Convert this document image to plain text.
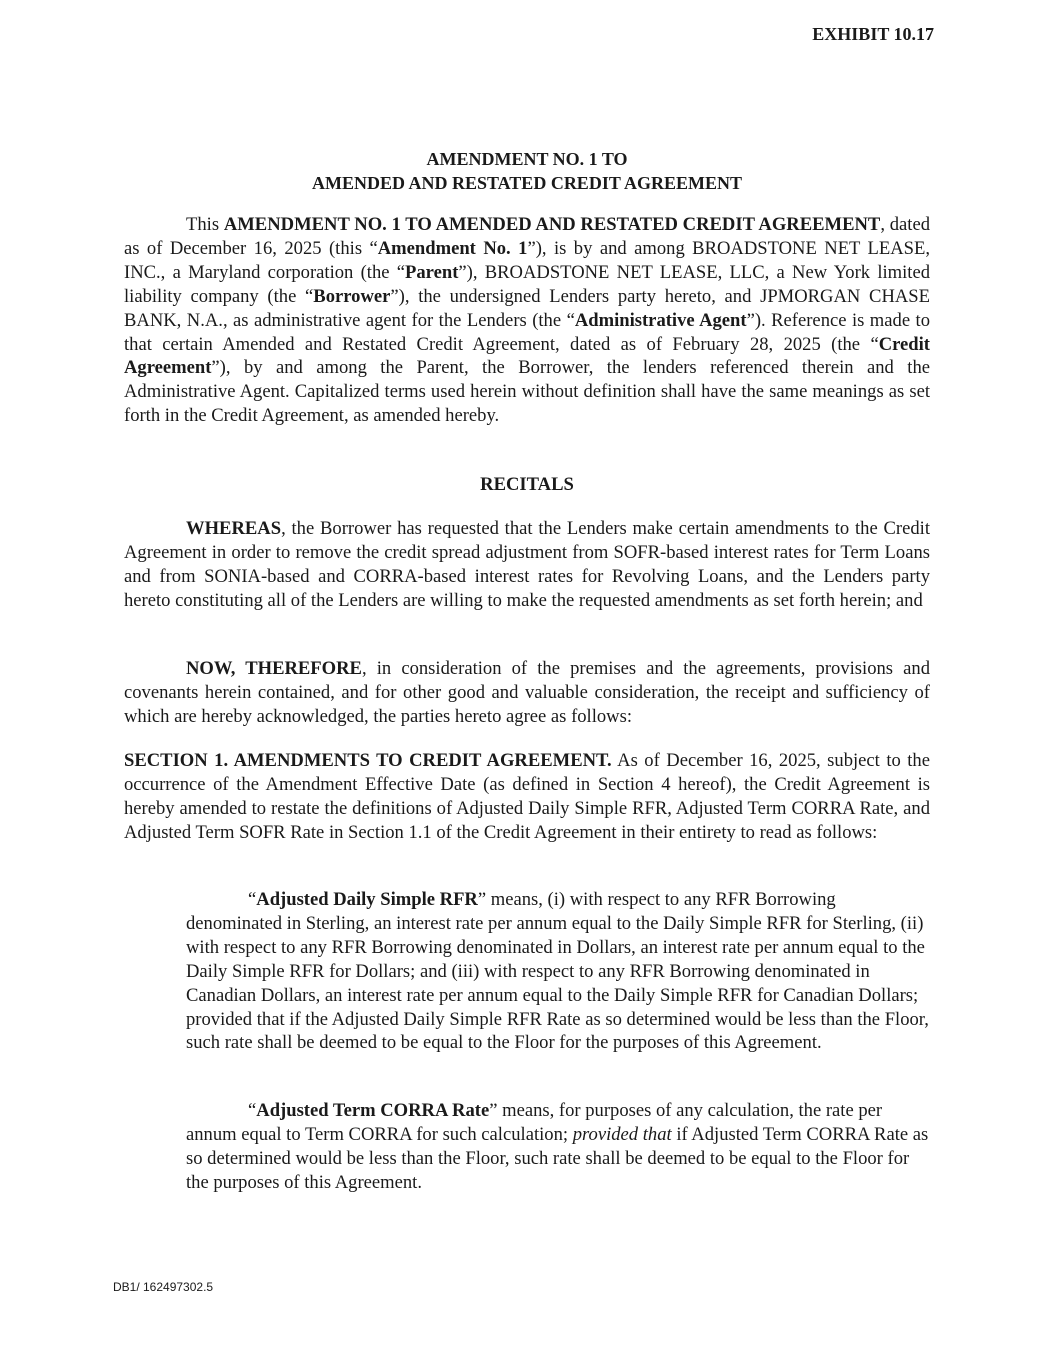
EXHIBIT 10.17
AMENDMENT NO. 1 TO
AMENDED AND RESTATED CREDIT AGREEMENT

This AMENDMENT NO. 1 TO AMENDED AND RESTATED CREDIT AGREEMENT, dated as of December 16, 2025 (this “Amendment No. 1”), is by and among BROADSTONE NET LEASE, INC., a Maryland corporation (the “Parent”), BROADSTONE NET LEASE, LLC, a New York limited liability company (the “Borrower”), the undersigned Lenders party hereto, and JPMORGAN CHASE BANK, N.A., as administrative agent for the Lenders (the “Administrative Agent”). Reference is made to that certain Amended and Restated Credit Agreement, dated as of February 28, 2025 (the “Credit Agreement”), by and among the Parent, the Borrower, the lenders referenced therein and the Administrative Agent. Capitalized terms used herein without definition shall have the same meanings as set forth in the Credit Agreement, as amended hereby.

RECITALS

WHEREAS, the Borrower has requested that the Lenders make certain amendments to the Credit Agreement in order to remove the credit spread adjustment from SOFR-based interest rates for Term Loans and from SONIA-based and CORRA-based interest rates for Revolving Loans, and the Lenders party hereto constituting all of the Lenders are willing to make the requested amendments as set forth herein; and

NOW, THEREFORE, in consideration of the premises and the agreements, provisions and covenants herein contained, and for other good and valuable consideration, the receipt and sufficiency of which are hereby acknowledged, the parties hereto agree as follows:

SECTION 1. AMENDMENTS TO CREDIT AGREEMENT. As of December 16, 2025, subject to the occurrence of the Amendment Effective Date (as defined in Section 4 hereof), the Credit Agreement is hereby amended to restate the definitions of Adjusted Daily Simple RFR, Adjusted Term CORRA Rate, and Adjusted Term SOFR Rate in Section 1.1 of the Credit Agreement in their entirety to read as follows:

“Adjusted Daily Simple RFR” means, (i) with respect to any RFR Borrowing denominated in Sterling, an interest rate per annum equal to the Daily Simple RFR for Sterling, (ii) with respect to any RFR Borrowing denominated in Dollars, an interest rate per annum equal to the Daily Simple RFR for Dollars; and (iii) with respect to any RFR Borrowing denominated in Canadian Dollars, an interest rate per annum equal to the Daily Simple RFR for Canadian Dollars; provided that if the Adjusted Daily Simple RFR Rate as so determined would be less than the Floor, such rate shall be deemed to be equal to the Floor for the purposes of this Agreement.

“Adjusted Term CORRA Rate” means, for purposes of any calculation, the rate per annum equal to Term CORRA for such calculation; provided that if Adjusted Term CORRA Rate as so determined would be less than the Floor, such rate shall be deemed to be equal to the Floor for the purposes of this Agreement.

DB1/ 162497302.5
